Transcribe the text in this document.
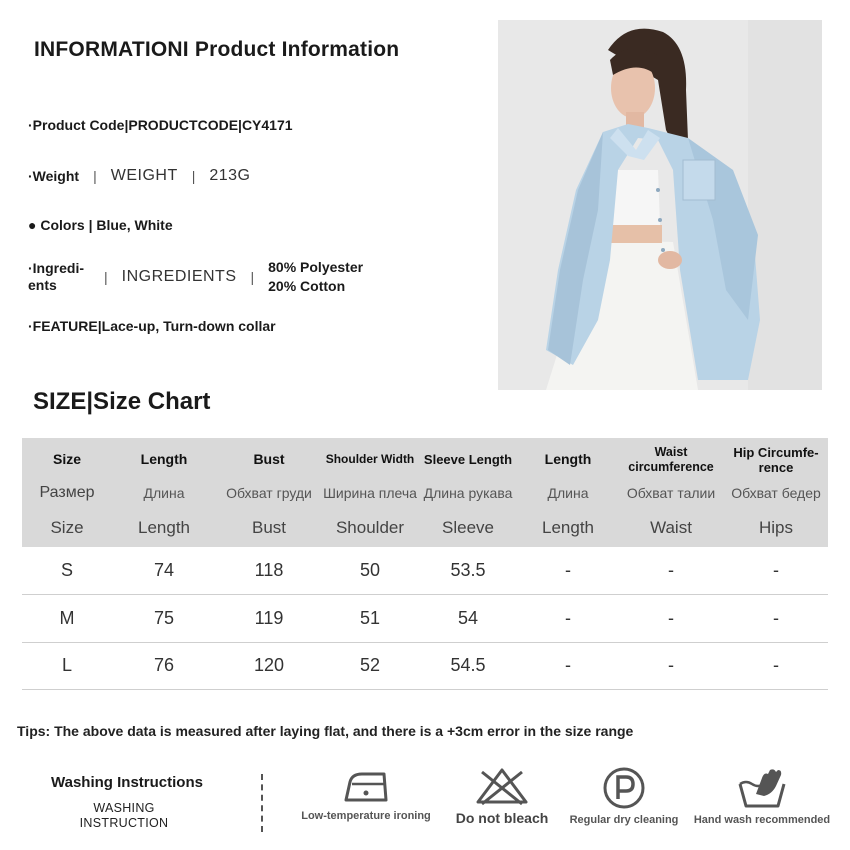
INFORMATIONI Product Information
·Product Code|PRODUCTCODE|CY4171
·Weight | WEIGHT | 213G
● Colors | Blue, White
·Ingredi-ents	| INGREDIENTS |
80% Polyester
20% Cotton
·FEATURE|Lace-up, Turn-down collar
SIZE|Size Chart
Size	Length	Bust	Shoulder Width	Sleeve Length	Length	Waist circumference	Hip Circumfe-rence
Размер	Длина	Обхват груди	Ширина плеча	Длина рукава	Длина	Обхват талии	Обхват бедер
Size	Length	Bust	Shoulder	Sleeve	Length	Waist	Hips
S	74	118	50	53.5	-	-	-
M	75	119	51	54	-	-	-
L	76	120	52	54.5	-	-	-
Tips: The above data is measured after laying flat, and there is a +3cm error in the size range
Washing Instructions
WASHING
INSTRUCTION	Low-temperature ironing	Do not bleach	Regular dry cleaning Hand wash recommended
